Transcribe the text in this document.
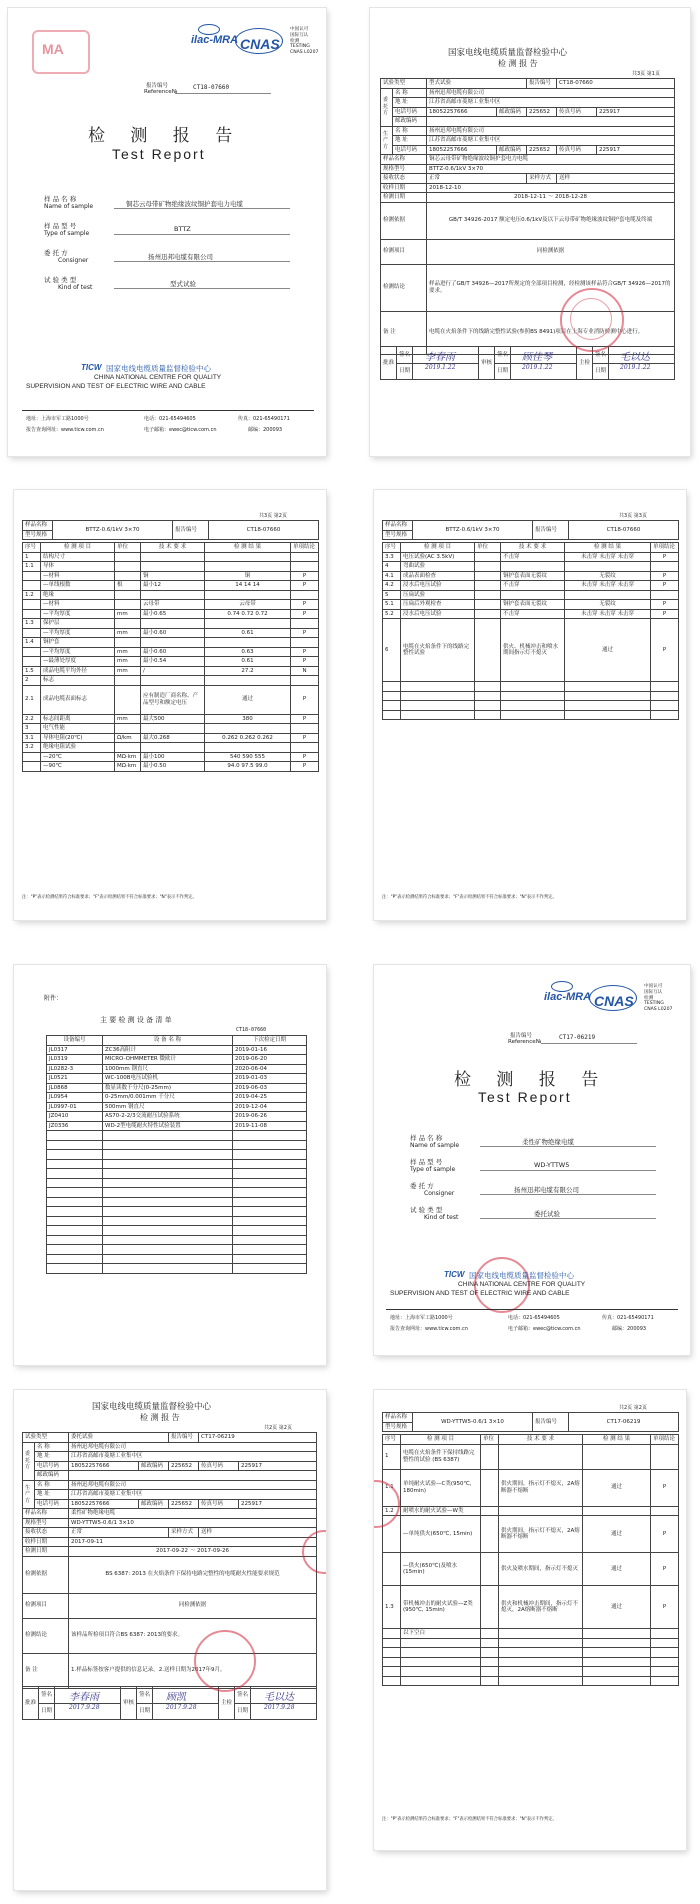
MA
ilac-MRA CNAS
中国认可
国际互认
检测
TESTING
CNAS L0207
报告编号
Reference№
CT18-07660
检 测 报 告
Test Report
样 品 名 称
Name of sample	铜芯云母带矿物绝缘波纹铜护套电力电缆
样 品 型 号
Type of sample
BTTZ
委 托 方
Consigner	扬州迅邦电缆有限公司
试 验 类 型
Kind of test	型式试验
TICW 国家电线电缆质量监督检验中心
CHINA NATIONAL CENTRE FOR QUALITY
SUPERVISION AND TEST OF ELECTRIC WIRE AND CABLE
地址：上海市军工路1000号	电话：021-65494605	传真：021-65490171
报告查询网址：www.ticw.com.cn	电子邮箱：ewec@ticw.com.cn	邮编：200093
国家电线电缆质量监督检验中心
检 测 报 告
共3页 第1页
试验类型		型式试验		报告编号	CT18-07660	
委托方	名 称	扬州迅邦电缆有限公司				
	地 址	江苏省高邮市菱塘工业集中区				
	电话号码	18052257666	邮政编码	225652	传真号码	225917
	邮政编码					
生产方	名 称	扬州迅邦电缆有限公司				
	地 址	江苏省高邮市菱塘工业集中区				
	电话号码	18052257666	邮政编码	225652	传真号码	225917
样品名称		铜芯云母带矿物绝缘波纹铜护套电力电缆				
规格型号		BTTZ-0.6/1kV 3×70				
接收状态		正常		采样方式	送样	
收样日期		2018-12-10				
检测日期		2018-12-11 ～ 2018-12-28				
检测依据		GB/T 34926-2017 额定电压0.6/1kV及以下云母带矿物绝缘波纹铜护套电缆及终端				
检测项目		同检测依据				
检测结论		样品进行了GB/T 34926—2017所规定的全部项目检测，经检测该样品符合GB/T 34926—2017的要求。				
备 注		电缆在火焰条件下的线路完整性试验(参照BS 8491)项目在上海专业消防检测中心进行。				
批准	签名		审核	签名		主检	签名	
	日期			日期			日期	
李春雨
2019.1.22
顾佳琴
2019.1.22
毛以达
2019.1.22
共3页 第2页
样品名称	BTTZ-0.6/1kV 3×70	报告编号	CT18-07660
型号规格
序号	检 测 项 目	单位	技 术 要 求	检 测 结 果	单项结论
1	结构尺寸				
1.1	导体				
	—材料		铜	铜	P
	—单线根数	根	最小12	14 14 14	P
1.2	绝缘				
	—材料		云母带	云母带	P
	—平均厚度	mm	最小0.65	0.74 0.72 0.72	P
1.3	保护层				
	—平均厚度	mm	最小0.60	0.61	P
1.4	铜护套				
	—平均厚度	mm	最小0.60	0.63	P
	—最薄处厚度	mm	最小0.54	0.61	P
1.5	成品电缆平均外径	mm	/	27.2	N
2	标志				
2.1	成品电缆表面标志		应有制造厂商名称、产品型号和额定电压	通过	P
2.2	标志间距离	mm	最大500	380	P
3	电气性能				
3.1	导体电阻(20℃)	Ω/km	最大0.268	0.262 0.262 0.262	P
3.2	绝缘电阻试验				
	—20℃	MΩ·km	最小100	540 590 555	P
	—90℃	MΩ·km	最小0.50	94.0 97.5 99.0	P
注："P"表示检测结果符合标准要求；"F"表示检测结果不符合标准要求；"N"表示不作判定。
共3页 第3页
样品名称	BTTZ-0.6/1kV 3×70	报告编号	CT18-07660
型号规格
序号	检 测 项 目	单位	技 术 要 求	检 测 结 果	单项结论
3.3	电压试验(AC 3.5kV)		不击穿	未击穿 未击穿 未击穿	P
4	弯曲试验				
4.1	成品表面检查		铜护套表面无裂纹	无裂纹	P
4.2	浸水后电压试验		不击穿	未击穿 未击穿 未击穿	P
5	压扁试验				
5.1	压扁后外观检查		铜护套表面无裂纹	无裂纹	P
5.2	浸水后电压试验		不击穿	未击穿 未击穿 未击穿	P
6	电缆在火焰条件下的线路完整性试验		供火、机械冲击和喷水期间指示灯不熄灭	通过	P

注："P"表示检测结果符合标准要求；"F"表示检测结果不符合标准要求；"N"表示不作判定。
附件：
主 要 检 测 设 备 清 单
CT18-07660
设备编号	设 备 名 称	下次检定日期
JL0317	ZC36高阻计	2019-01-16
JL0319	MICRO-OHMMETER 微欧计	2019-06-20
JL0282-3	1000mm 钢直尺	2020-06-04
JL0521	WC-100B电压试验机	2019-01-03
JL0868	数显读数千分尺(0-25mm)	2019-06-03
JL0954	0-25mm/0.001mm 千分尺	2019-04-25
JL0997-01	500mm 钢直尺	2019-12-04
JZ0410	AS70-2-2/3交流耐压试验系统	2019-06-26
JZ0336	WD-2型电缆耐火特性试验装置	2019-11-08

ilac-MRA CNAS
中国认可
国际互认
检测
TESTING
CNAS L0207
报告编号
Reference№
CT17-06219
检 测 报 告
Test Report
样 品 名 称
Name of sample	柔性矿物绝缘电缆
样 品 型 号
Type of sample
WD-YTTW5
委 托 方
Consigner	扬州迅邦电缆有限公司
试 验 类 型
Kind of test	委托试验
TICW 国家电线电缆质量监督检验中心
CHINA NATIONAL CENTRE FOR QUALITY
SUPERVISION AND TEST OF ELECTRIC WIRE AND CABLE
地址：上海市军工路1000号	电话：021-65494605	传真：021-65490171
报告查询网址：www.ticw.com.cn	电子邮箱：ewec@ticw.com.cn	邮编：200093
国家电线电缆质量监督检验中心
检 测 报 告
共2页 第2页
试验类型		委托试验		报告编号	CT17-06219	
委托方	名 称	扬州迅邦电缆有限公司				
	地 址	江苏省高邮市菱塘工业集中区				
	电话号码	18052257666	邮政编码	225652	传真号码	225917
	邮政编码					
生产方	名 称	扬州迅邦电缆有限公司				
	地 址	江苏省高邮市菱塘工业集中区				
	电话号码	18052257666	邮政编码	225652	传真号码	225917
样品名称		柔性矿物绝缘电缆				
规格型号		WD-YTTW5-0.6/1 3×10				
接收状态		正常		采样方式	送样	
收样日期		2017-09-11				
检测日期		2017-09-22 ～ 2017-09-26				
检测依据		BS 6387: 2013 在火焰条件下保持电路完整性的电缆耐火性能要求规范				
检测项目		同检测依据				
检测结论		该样品所检项目符合BS 6387: 2013的要求。				
备 注		1.样品标签按客户提供的信息记录。2.送样日期为2017年9月。				
批准	签名		审核	签名		主检	签名	
	日期			日期			日期	
李春雨
2017.9.28
顾凯
2017.9.28
毛以达
2017.9.28
共2页 第2页
样品名称	WD-YTTW5-0.6/1 3×10	报告编号	CT17-06219
型号规格
序号	检 测 项 目	单位	技 术 要 求	检 测 结 果	单项结论
1	电缆在火焰条件下保持线路完整性的试验 (BS 6387)				
1.1	单纯耐火试验—C类(950℃, 180min)		供火期间，指示灯不熄灭，2A熔断器不熔断	通过	P
1.2	耐喷水的耐火试验—W类				
	—单纯供火(650℃, 15min)		供火期间，指示灯不熄灭，2A熔断器不熔断	通过	P
	—供火(650℃)及喷水(15min)		供火及喷水期间，指示灯不熄灭	通过	P
1.3	带机械冲击的耐火试验—Z类(950℃, 15min)		供火和机械冲击期间，指示灯不熄灭，2A熔断器不熔断	通过	P
	以下空白				

注："P"表示检测结果符合标准要求；"F"表示检测结果不符合标准要求；"N"表示不作判定。
